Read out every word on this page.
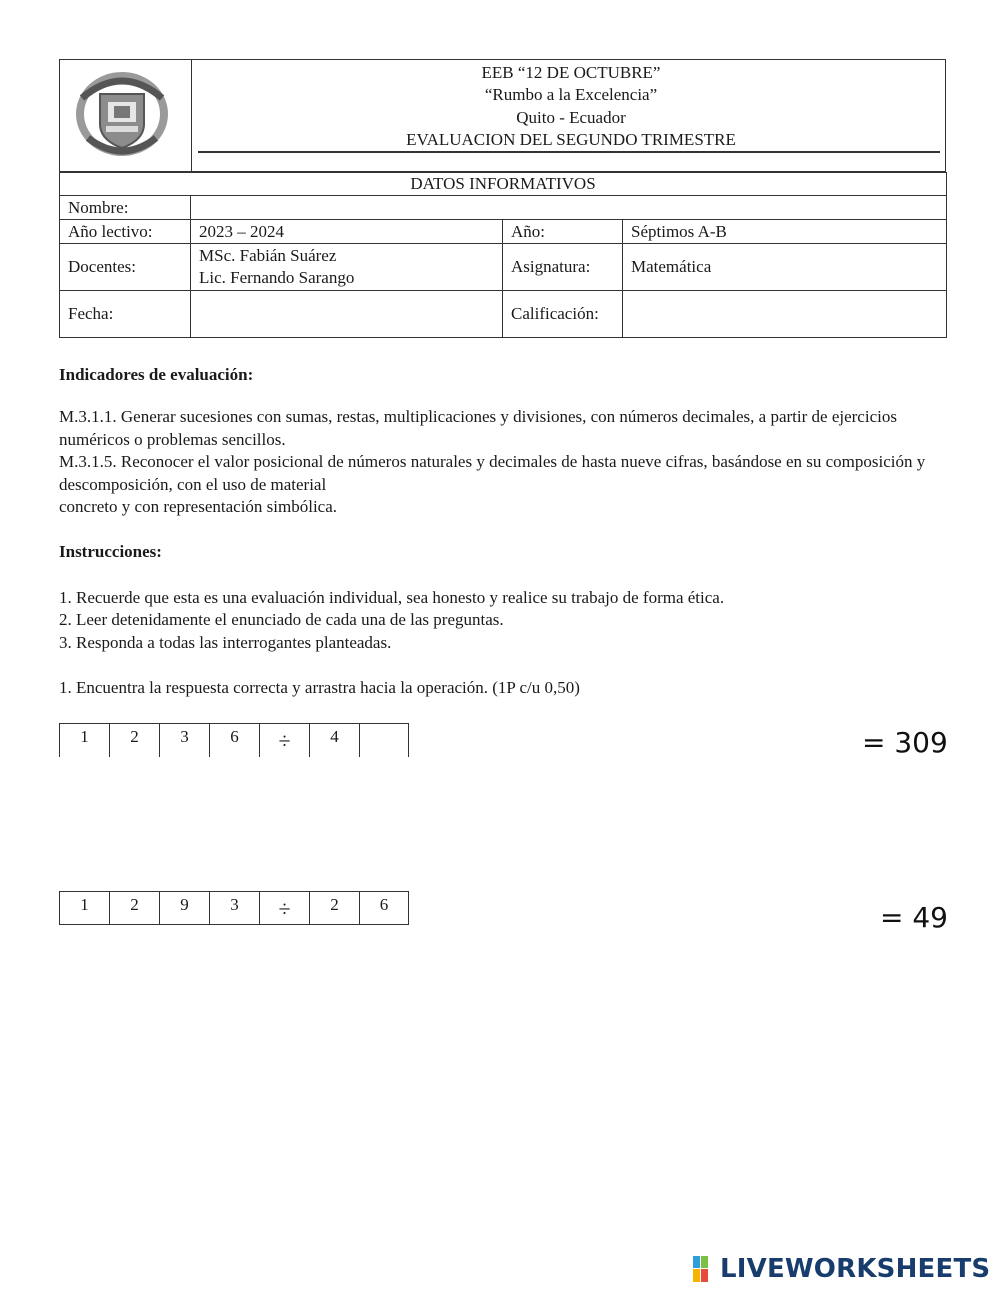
EEB “12 DE OCTUBRE”
“Rumbo a la Excelencia”
Quito - Ecuador
EVALUACION DEL SEGUNDO TRIMESTRE
DATOS INFORMATIVOS			
Nombre:			
Año lectivo:	2023 – 2024	Año:	Séptimos A-B
Docentes:	MSc. Fabián Suárez
Lic. Fernando Sarango	Asignatura:	Matemática
Fecha:		Calificación:	
Indicadores de evaluación:
M.3.1.1. Generar sucesiones con sumas, restas, multiplicaciones y divisiones, con números decimales, a partir de ejercicios numéricos o problemas sencillos.
M.3.1.5. Reconocer el valor posicional de números naturales y decimales de hasta nueve cifras, basándose en su composición y descomposición, con el uso de material
concreto y con representación simbólica.
Instrucciones:
1. Recuerde que esta es una evaluación individual, sea honesto y realice su trabajo de forma ética.
2. Leer detenidamente el enunciado de cada una de las preguntas.
3. Responda a todas las interrogantes planteadas.
1. Encuentra la respuesta correcta y arrastra hacia la operación. (1P c/u 0,50)
1	2	3	6	÷	4	= 309
1	2	9	3	÷	2	6	= 49
LIVEWORKSHEETS
